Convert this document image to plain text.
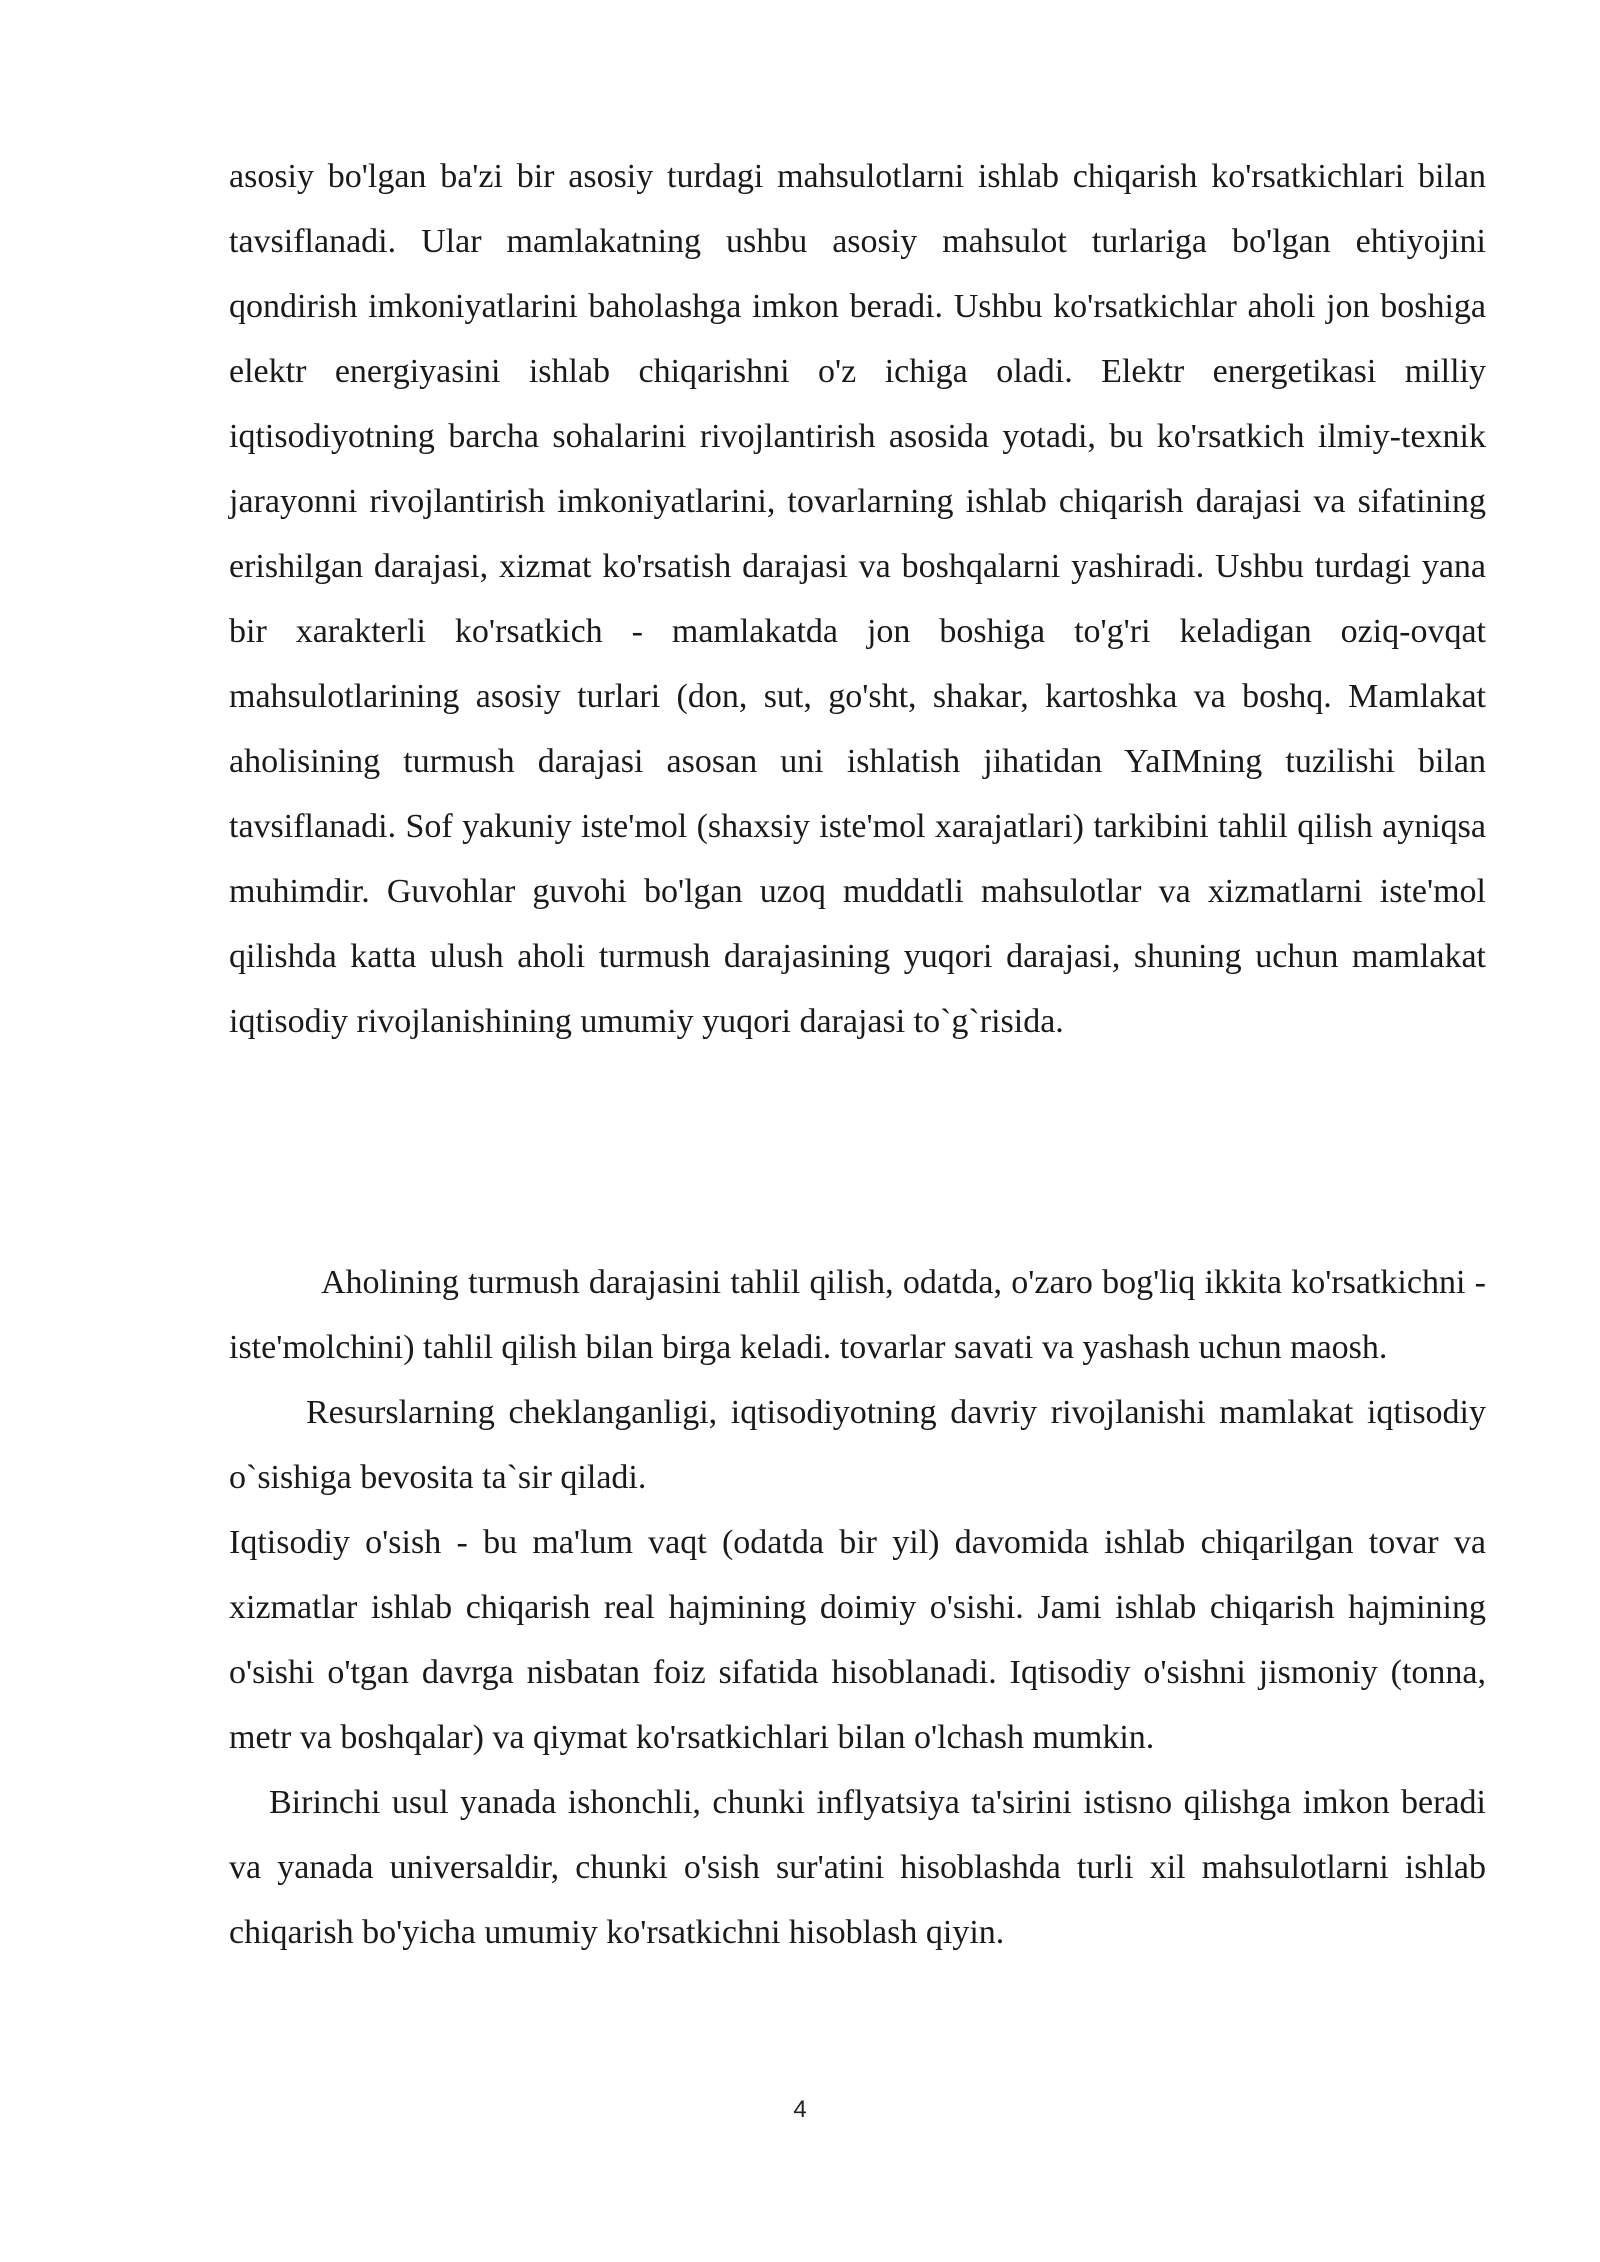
asosiy bo'lgan ba'zi bir asosiy turdagi mahsulotlarni ishlab chiqarish ko'rsatkichlari bilan tavsiflanadi. Ular mamlakatning ushbu asosiy mahsulot turlariga bo'lgan ehtiyojini qondirish imkoniyatlarini baholashga imkon beradi. Ushbu ko'rsatkichlar aholi jon boshiga elektr energiyasini ishlab chiqarishni o'z ichiga oladi. Elektr energetikasi milliy iqtisodiyotning barcha sohalarini rivojlantirish asosida yotadi, bu ko'rsatkich ilmiy-texnik jarayonni rivojlantirish imkoniyatlarini, tovarlarning ishlab chiqarish darajasi va sifatining erishilgan darajasi, xizmat ko'rsatish darajasi va boshqalarni yashiradi. Ushbu turdagi yana bir xarakterli ko'rsatkich - mamlakatda jon boshiga to'g'ri keladigan oziq-ovqat mahsulotlarining asosiy turlari (don, sut, go'sht, shakar, kartoshka va boshq. Mamlakat aholisining turmush darajasi asosan uni ishlatish jihatidan YaIMning tuzilishi bilan tavsiflanadi. Sof yakuniy iste'mol (shaxsiy iste'mol xarajatlari) tarkibini tahlil qilish ayniqsa muhimdir. Guvohlar guvohi bo'lgan uzoq muddatli mahsulotlar va xizmatlarni iste'mol qilishda katta ulush aholi turmush darajasining yuqori darajasi, shuning uchun mamlakat iqtisodiy rivojlanishining umumiy yuqori darajasi to`g`risida.

Aholining turmush darajasini tahlil qilish, odatda, o'zaro bog'liq ikkita ko'rsatkichni - iste'molchini) tahlil qilish bilan birga keladi. tovarlar savati va yashash uchun maosh.

Resurslarning cheklanganligi, iqtisodiyotning davriy rivojlanishi mamlakat iqtisodiy o`sishiga bevosita ta`sir qiladi.

Iqtisodiy o'sish - bu ma'lum vaqt (odatda bir yil) davomida ishlab chiqarilgan tovar va xizmatlar ishlab chiqarish real hajmining doimiy o'sishi. Jami ishlab chiqarish hajmining o'sishi o'tgan davrga nisbatan foiz sifatida hisoblanadi. Iqtisodiy o'sishni jismoniy (tonna, metr va boshqalar) va qiymat ko'rsatkichlari bilan o'lchash mumkin.

Birinchi usul yanada ishonchli, chunki inflyatsiya ta'sirini istisno qilishga imkon beradi va yanada universaldir, chunki o'sish sur'atini hisoblashda turli xil mahsulotlarni ishlab chiqarish bo'yicha umumiy ko'rsatkichni hisoblash qiyin.

4
